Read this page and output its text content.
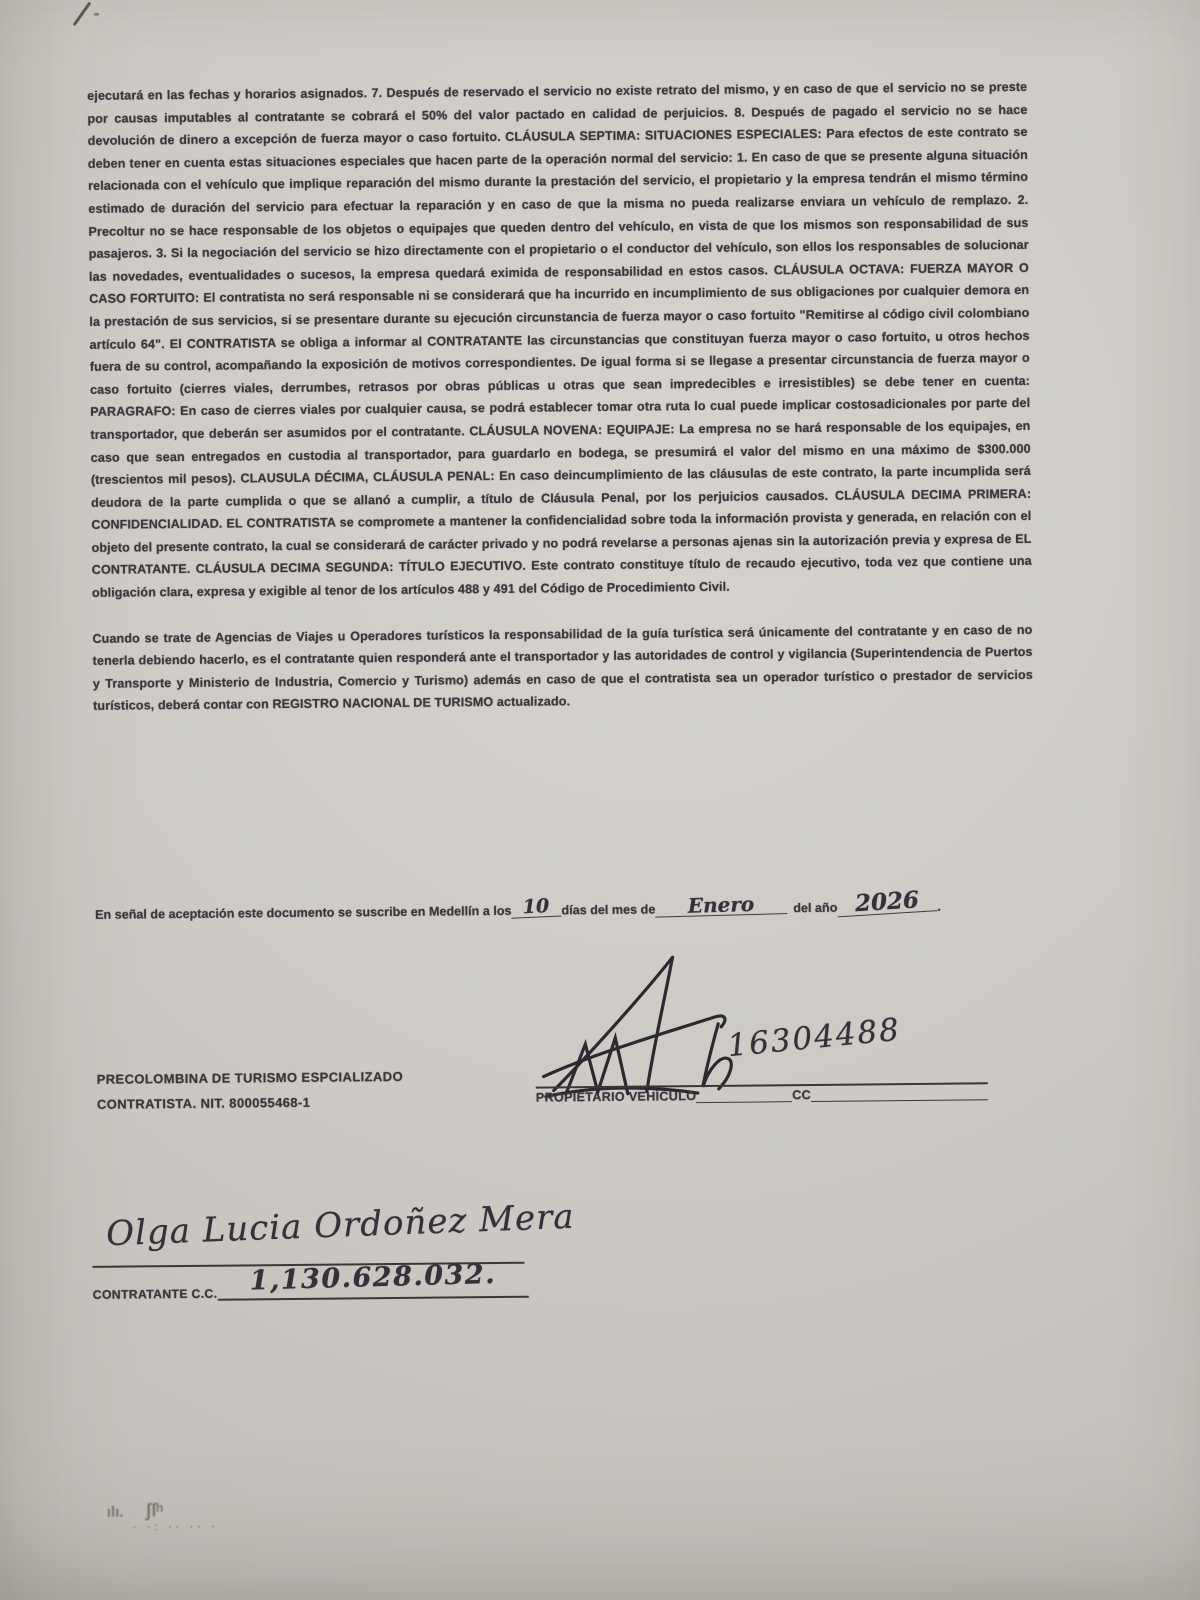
ejecutará en las fechas y horarios asignados. 7. Después de reservado el servicio no existe retrato del mismo, y en caso de que el servicio no se preste por causas imputables al contratante se cobrará el 50% del valor pactado en calidad de perjuicios. 8. Después de pagado el servicio no se hace devolución de dinero a excepción de fuerza mayor o caso fortuito. CLÁUSULA SEPTIMA: SITUACIONES ESPECIALES: Para efectos de este contrato se deben tener en cuenta estas situaciones especiales que hacen parte de la operación normal del servicio: 1. En caso de que se presente alguna situación relacionada con el vehículo que implique reparación del mismo durante la prestación del servicio, el propietario y la empresa tendrán el mismo término estimado de duración del servicio para efectuar la reparación y en caso de que la misma no pueda realizarse enviara un vehículo de remplazo. 2. Precoltur no se hace responsable de los objetos o equipajes que queden dentro del vehículo, en vista de que los mismos son responsabilidad de sus pasajeros. 3. Si la negociación del servicio se hizo directamente con el propietario o el conductor del vehículo, son ellos los responsables de solucionar las novedades, eventualidades o sucesos, la empresa quedará eximida de responsabilidad en estos casos. CLÁUSULA OCTAVA: FUERZA MAYOR O CASO FORTUITO: El contratista no será responsable ni se considerará que ha incurrido en incumplimiento de sus obligaciones por cualquier demora en la prestación de sus servicios, si se presentare durante su ejecución circunstancia de fuerza mayor o caso fortuito "Remitirse al código civil colombiano artículo 64". El CONTRATISTA se obliga a informar al CONTRATANTE las circunstancias que constituyan fuerza mayor o caso fortuito, u otros hechos fuera de su control, acompañando la exposición de motivos correspondientes. De igual forma si se llegase a presentar circunstancia de fuerza mayor o caso fortuito (cierres viales, derrumbes, retrasos por obras públicas u otras que sean impredecibles e irresistibles) se debe tener en cuenta: PARAGRAFO: En caso de cierres viales por cualquier causa, se podrá establecer tomar otra ruta lo cual puede implicar costosadicionales por parte del transportador, que deberán ser asumidos por el contratante. CLÁUSULA NOVENA: EQUIPAJE: La empresa no se hará responsable de los equipajes, en caso que sean entregados en custodia al transportador, para guardarlo en bodega, se presumirá el valor del mismo en una máximo de $300.000 (trescientos mil pesos). CLAUSULA DÉCIMA, CLÁUSULA PENAL: En caso deincumplimiento de las cláusulas de este contrato, la parte incumplida será deudora de la parte cumplida o que se allanó a cumplir, a título de Cláusula Penal, por los perjuicios causados. CLÁUSULA DECIMA PRIMERA: CONFIDENCIALIDAD. EL CONTRATISTA se compromete a mantener la confidencialidad sobre toda la información provista y generada, en relación con el objeto del presente contrato, la cual se considerará de carácter privado y no podrá revelarse a personas ajenas sin la autorización previa y expresa de EL CONTRATANTE. CLÁUSULA DECIMA SEGUNDA: TÍTULO EJECUTIVO. Este contrato constituye título de recaudo ejecutivo, toda vez que contiene una obligación clara, expresa y exigible al tenor de los artículos 488 y 491 del Código de Procedimiento Civil.

Cuando se trate de Agencias de Viajes u Operadores turísticos la responsabilidad de la guía turística será únicamente del contratante y en caso de no tenerla debiendo hacerlo, es el contratante quien responderá ante el transportador y las autoridades de control y vigilancia (Superintendencia de Puertos y Transporte y Ministerio de Industria, Comercio y Turismo) además en caso de que el contratista sea un operador turístico o prestador de servicios turísticos, deberá contar con REGISTRO NACIONAL DE TURISMO actualizado.

En señal de aceptación este documento se suscribe en Medellín a los 10 días del mes de	Enero	del año 2026	.
PRECOLOMBINA DE TURISMO ESPCIALIZADO
CONTRATISTA. NIT. 800055468-1
16304488
PROPIETARIO VEHÍCULO	CC
Olga Lucia Ordoñez Mera
CONTRATANTE C.C.	1,130.628.032.
ılı. ʃſʰ
· ·: ·· ·· ·
